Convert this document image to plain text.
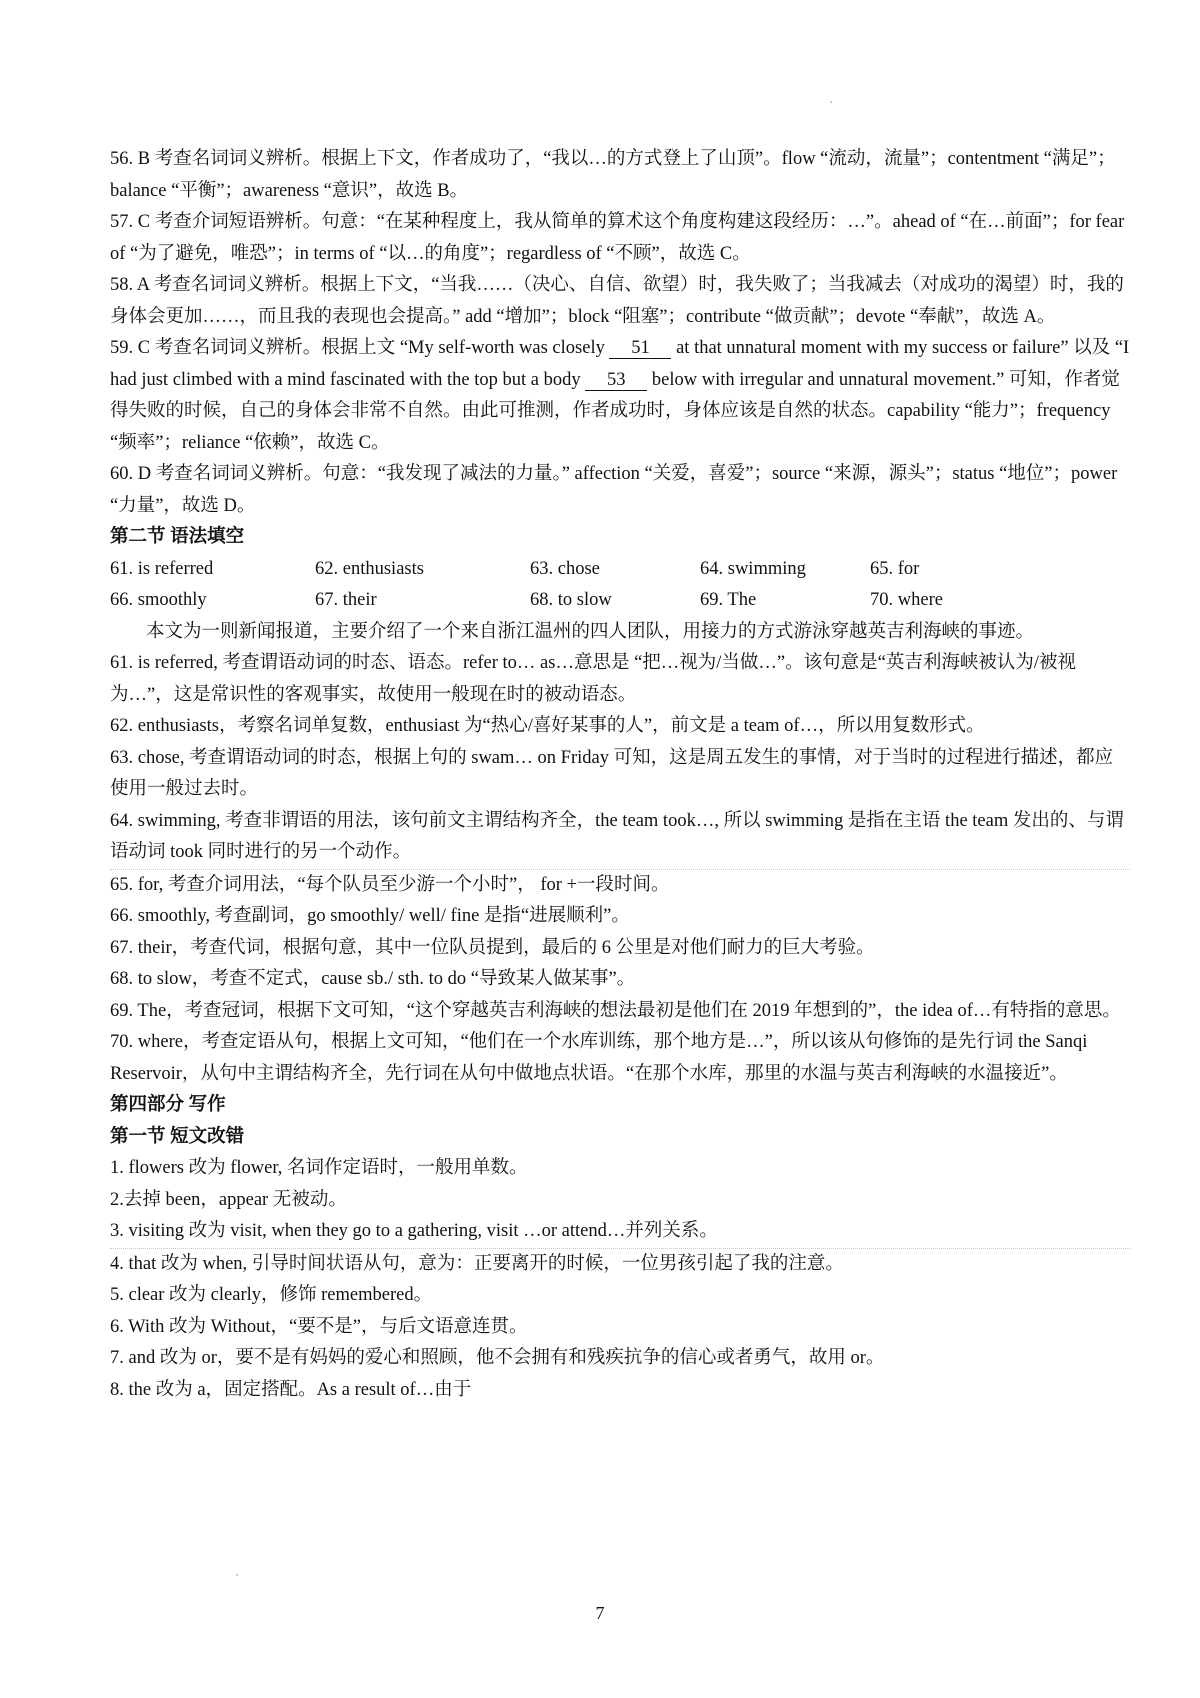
56. B 考查名词词义辨析。根据上下文，作者成功了，“我以…的方式登上了山顶”。flow “流动，流量”；contentment “满足”；balance “平衡”；awareness “意识”，故选 B。

57. C 考查介词短语辨析。句意：“在某种程度上，我从简单的算术这个角度构建这段经历：…”。ahead of “在…前面”；for fear of “为了避免，唯恐”；in terms of “以…的角度”；regardless of “不顾”，故选 C。

58. A 考查名词词义辨析。根据上下文，“当我……（决心、自信、欲望）时，我失败了；当我减去（对成功的渴望）时，我的身体会更加……，而且我的表现也会提高。” add “增加”；block “阻塞”；contribute “做贡献”；devote “奉献”，故选 A。

59. C 考查名词词义辨析。根据上文 “My self-worth was closely 51 at that unnatural moment with my success or failure” 以及 “I had just climbed with a mind fascinated with the top but a body 53 below with irregular and unnatural movement.” 可知，作者觉得失败的时候，自己的身体会非常不自然。由此可推测，作者成功时，身体应该是自然的状态。capability “能力”；frequency “频率”；reliance “依赖”，故选 C。

60. D 考查名词词义辨析。句意：“我发现了减法的力量。” affection “关爱，喜爱”；source “来源，源头”；status “地位”；power “力量”，故选 D。

第二节 语法填空

61. is referred	62. enthusiasts	63. chose	64. swimming	65. for
66. smoothly	67. their	68. to slow	69. The	70. where

本文为一则新闻报道，主要介绍了一个来自浙江温州的四人团队，用接力的方式游泳穿越英吉利海峡的事迹。

61. is referred, 考查谓语动词的时态、语态。refer to… as…意思是 “把…视为/当做…”。该句意是“英吉利海峡被认为/被视为…”，这是常识性的客观事实，故使用一般现在时的被动语态。

62. enthusiasts，考察名词单复数，enthusiast 为“热心/喜好某事的人”，前文是 a team of…，所以用复数形式。

63. chose, 考查谓语动词的时态，根据上句的 swam… on Friday 可知，这是周五发生的事情，对于当时的过程进行描述，都应使用一般过去时。

64. swimming, 考查非谓语的用法，该句前文主谓结构齐全，the team took…, 所以 swimming 是指在主语 the team 发出的、与谓语动词 took 同时进行的另一个动作。

65. for, 考查介词用法，“每个队员至少游一个小时”， for +一段时间。

66. smoothly, 考查副词，go smoothly/ well/ fine 是指“进展顺利”。

67. their，考查代词，根据句意，其中一位队员提到，最后的 6 公里是对他们耐力的巨大考验。

68. to slow，考查不定式，cause sb./ sth. to do “导致某人做某事”。

69. The，考查冠词，根据下文可知，“这个穿越英吉利海峡的想法最初是他们在 2019 年想到的”，the idea of…有特指的意思。

70. where，考查定语从句，根据上文可知，“他们在一个水库训练，那个地方是…”，所以该从句修饰的是先行词 the Sanqi Reservoir，从句中主谓结构齐全，先行词在从句中做地点状语。“在那个水库，那里的水温与英吉利海峡的水温接近”。

第四部分 写作

第一节 短文改错

1. flowers 改为 flower, 名词作定语时，一般用单数。

2.去掉 been，appear 无被动。

3. visiting 改为 visit, when they go to a gathering, visit …or attend…并列关系。

4. that 改为 when, 引导时间状语从句，意为：正要离开的时候，一位男孩引起了我的注意。

5. clear 改为 clearly，修饰 remembered。

6. With 改为 Without，“要不是”，与后文语意连贯。

7. and 改为 or，要不是有妈妈的爱心和照顾，他不会拥有和残疾抗争的信心或者勇气，故用 or。

8. the 改为 a，固定搭配。As a result of…由于

7
